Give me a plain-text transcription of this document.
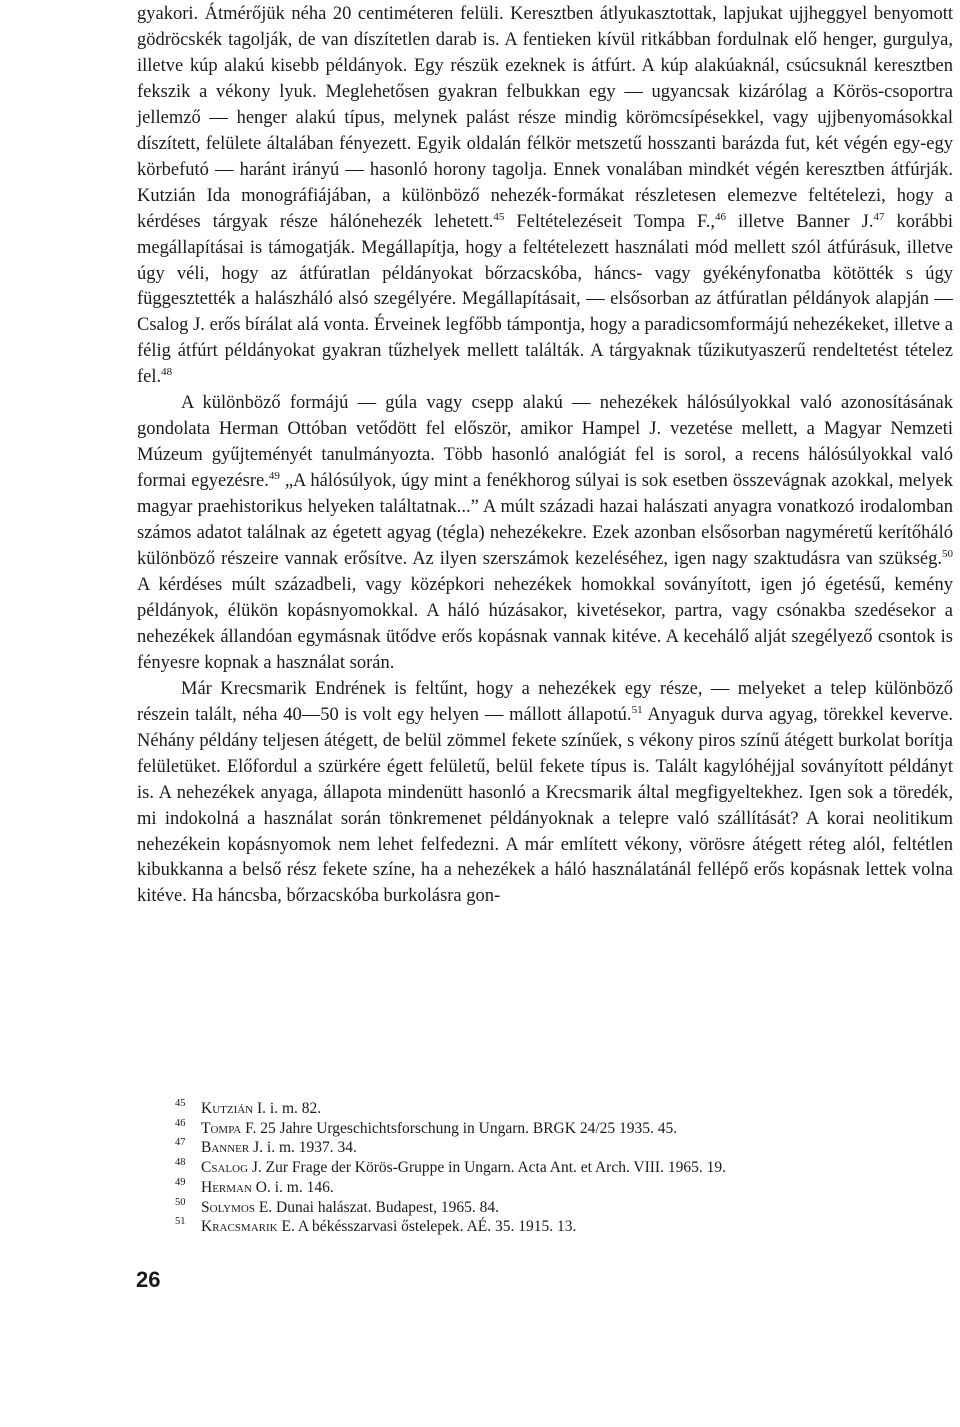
gyakori. Átmérőjük néha 20 centiméteren felüli. Keresztben átlyukasztottak, lapjukat ujjheggyel benyomott gödröcskék tagolják, de van díszítetlen darab is. A fentieken kívül ritkábban fordulnak elő henger, gurgulya, illetve kúp alakú kisebb példányok. Egy részük ezeknek is átfúrt. A kúp alakúaknál, csúcsuknál keresztben fekszik a vékony lyuk. Meglehetősen gyakran felbukkan egy — ugyancsak kizárólag a Körös-csoportra jellemző — henger alakú típus, melynek palást része mindig körömcsípésekkel, vagy ujjbenyomásokkal díszített, felülete általában fényezett. Egyik oldalán félkör metszetű hosszanti barázda fut, két végén egy-egy körbefutó — haránt irányú — hasonló horony tagolja. Ennek vonalában mindkét végén keresztben átfúrják. Kutzián Ida monográfiájában, a különböző nehezék-formákat részletesen elemezve feltételezi, hogy a kérdéses tárgyak része hálónehezék lehetett.$^{45}$ Feltételezéseit Tompa F.,$^{46}$ illetve Banner J.$^{47}$ korábbi megállapításai is támogatják. Megállapítja, hogy a feltételezett használati mód mellett szól átfúrásuk, illetve úgy véli, hogy az átfúratlan példányokat bőrzacskóba, háncs- vagy gyékényfonatba kötötték s úgy függesztették a halászháló alsó szegélyére. Megállapításait, — elsősorban az átfúratlan példányok alapján — Csalog J. erős bírálat alá vonta. Érveinek legfőbb támpontja, hogy a paradicsomformájú nehezékeket, illetve a félig átfúrt példányokat gyakran tűzhelyek mellett találták. A tárgyaknak tűzikutyaszerű rendeltetést tételez fel.$^{48}$

A különböző formájú — gúla vagy csepp alakú — nehezékek hálósúlyokkal való azonosításának gondolata Herman Ottóban vetődött fel először, amikor Hampel J. vezetése mellett, a Magyar Nemzeti Múzeum gyűjteményét tanulmányozta. Több hasonló analógiát fel is sorol, a recens hálósúlyokkal való formai egyezésre.$^{49}$ „A hálósúlyok, úgy mint a fenékhorog súlyai is sok esetben összevágnak azokkal, melyek magyar praehistorikus helyeken találtatnak...” A múlt századi hazai halászati anyagra vonatkozó irodalomban számos adatot találnak az égetett agyag (tégla) nehezékekre. Ezek azonban elsősorban nagyméretű kerítőháló különböző részeire vannak erősítve. Az ilyen szerszámok kezeléséhez, igen nagy szaktudásra van szükség.$^{50}$ A kérdéses múlt századbeli, vagy középkori nehezékek homokkal soványított, igen jó égetésű, kemény példányok, élükön kopásnyomokkal. A háló húzásakor, kivetésekor, partra, vagy csónakba szedésekor a nehezékek állandóan egymásnak ütődve erős kopásnak vannak kitéve. A kecehálő alját szegélyező csontok is fényesre kopnak a használat során.

Már Krecsmarik Endrének is feltűnt, hogy a nehezékek egy része, — melyeket a telep különböző részein talált, néha 40—50 is volt egy helyen — mállott állapotú.$^{51}$ Anyaguk durva agyag, törekkel keverve. Néhány példány teljesen átégett, de belül zömmel fekete színűek, s vékony piros színű átégett burkolat borítja felületüket. Előfordul a szürkére égett felületű, belül fekete típus is. Talált kagylóhéjjal soványított példányt is. A nehezékek anyaga, állapota mindenütt hasonló a Krecsmarik által megfigyeltekhez. Igen sok a töredék, mi indokolná a használat során tönkremenet példányoknak a telepre való szállítását? A korai neolitikum nehezékein kopásnyomok nem lehet felfedezni. A már említett vékony, vörösre átégett réteg alól, feltétlen kibukkanna a belső rész fekete színe, ha a nehezékek a háló használatánál fellépő erős kopásnak lettek volna kitéve. Ha háncsba, bőrzacskóba burkolásra gon-

45	Kutzián I. i. m. 82.
46	Tompa F. 25 Jahre Urgeschichtsforschung in Ungarn. BRGK 24/25 1935. 45.
47	Banner J. i. m. 1937. 34.
48	Csalog J. Zur Frage der Körös-Gruppe in Ungarn. Acta Ant. et Arch. VIII. 1965. 19.
49	Herman O. i. m. 146.
50	Solymos E. Dunai halászat. Budapest, 1965. 84.
51	Kracsmarik E. A békésszarvasi őstelepek. AÉ. 35. 1915. 13.
26
